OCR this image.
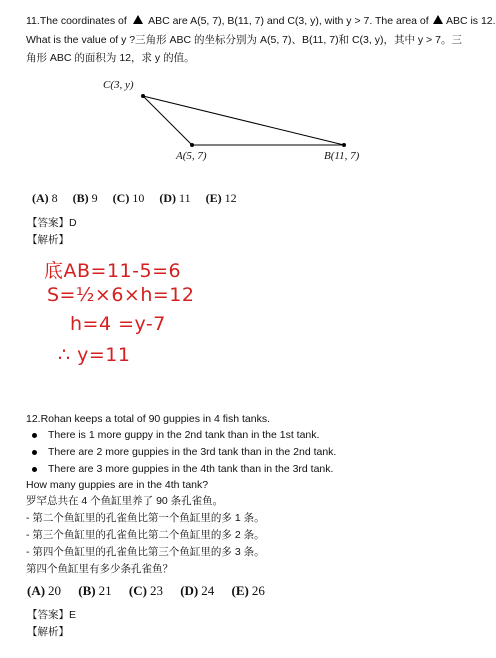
11.The coordinates of ABC are A(5, 7), B(11, 7) and C(3, y), with y > 7. The area of ABC is 12.
What is the value of y ?三角形 ABC 的坐标分别为 A(5, 7)、B(11, 7)和 C(3, y)，其中 y > 7。三
角形 ABC 的面积为 12，求 y 的值。
C(3, y)
A(5, 7)	B(11, 7)
(A) 8 (B) 9 (C) 10 (D) 11 (E) 12
【答案】D
【解析】
底AB=11-5=6
S=½×6×h=12
h=4 =y-7
∴ y=11
12.Rohan keeps a total of 90 guppies in 4 fish tanks.
There is 1 more guppy in the 2nd tank than in the 1st tank.
There are 2 more guppies in the 3rd tank than in the 2nd tank.
There are 3 more guppies in the 4th tank than in the 3rd tank.
How many guppies are in the 4th tank?
罗罕总共在 4 个鱼缸里养了 90 条孔雀鱼。
- 第二个鱼缸里的孔雀鱼比第一个鱼缸里的多 1 条。
- 第三个鱼缸里的孔雀鱼比第二个鱼缸里的多 2 条。
- 第四个鱼缸里的孔雀鱼比第三个鱼缸里的多 3 条。
第四个鱼缸里有多少条孔雀鱼？
(A) 20 (B) 21 (C) 23 (D) 24 (E) 26
【答案】E
【解析】
